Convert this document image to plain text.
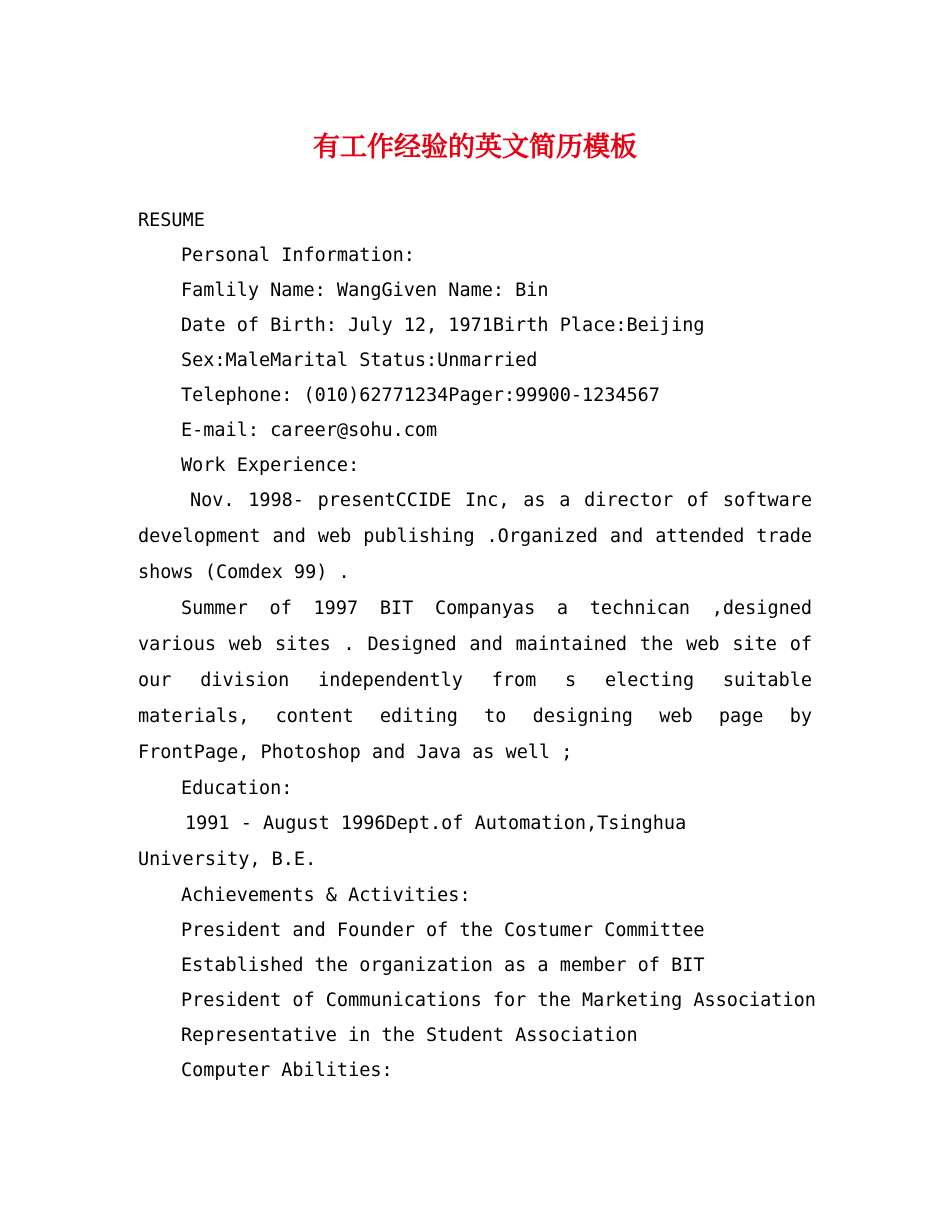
有工作经验的英文简历模板
RESUME
Personal Information:
Famlily Name: WangGiven Name: Bin
Date of Birth: July 12, 1971Birth Place:Beijing
Sex:MaleMarital Status:Unmarried
Telephone: (010)62771234Pager:99900-1234567
E-mail: career@sohu.com
Work Experience:

Nov. 1998- presentCCIDE Inc, as a director of software development and web publishing .Organized and attended trade shows (Comdex 99) .

Summer of 1997 BIT Companyas a technican ,designed various web sites . Designed and maintained the web site of our division independently from s electing suitable materials, content editing to designing web page by FrontPage, Photoshop and Java as well ;

Education:

1991 - August 1996Dept.of Automation,Tsinghua University, B.E.

Achievements & Activities:
President and Founder of the Costumer Committee
Established the organization as a member of BIT
President of Communications for the Marketing Association
Representative in the Student Association
Computer Abilities:
